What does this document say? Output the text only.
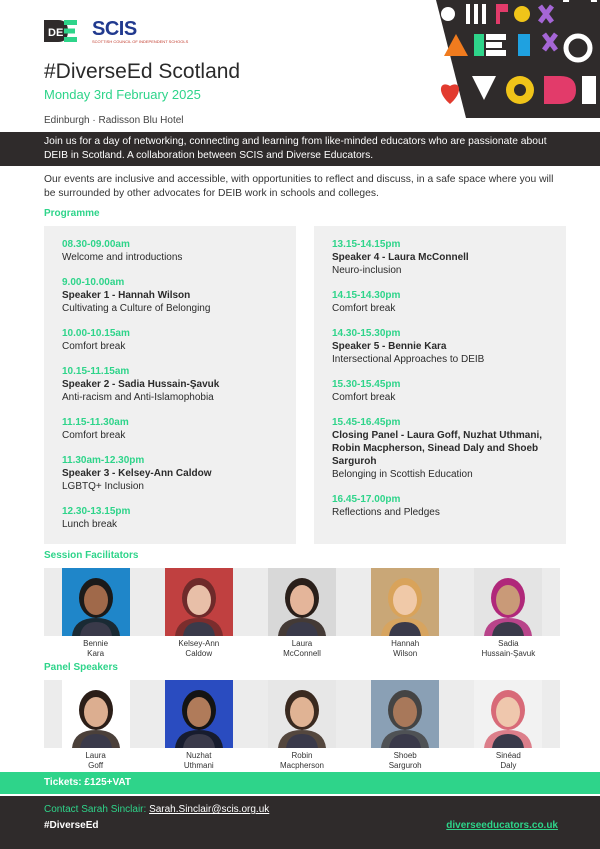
DE SCIS
SCOTTISH COUNCIL OF INDEPENDENT SCHOOLS
#DiverseEd Scotland
Monday 3rd February 2025
Edinburgh · Radisson Blu Hotel
Join us for a day of networking, connecting and learning from like-minded educators who are passionate about DEIB in Scotland. A collaboration between SCIS and Diverse Educators.

Our events are inclusive and accessible, with opportunities to reflect and discuss, in a safe space where you will be surrounded by other advocates for DEIB work in schools and colleges.

Programme
08.30-09.00am
Welcome and introductions
9.00-10.00am
Speaker 1 - Hannah Wilson
Cultivating a Culture of Belonging
10.00-10.15am
Comfort break
10.15-11.15am
Speaker 2 - Sadia Hussain-Şavuk
Anti-racism and Anti-Islamophobia
11.15-11.30am
Comfort break
11.30am-12.30pm
Speaker 3 - Kelsey-Ann Caldow
LGBTQ+ Inclusion
12.30-13.15pm
Lunch break
13.15-14.15pm
Speaker 4 - Laura McConnell
Neuro-inclusion
14.15-14.30pm
Comfort break
14.30-15.30pm
Speaker 5 - Bennie Kara
Intersectional Approaches to DEIB
15.30-15.45pm
Comfort break
15.45-16.45pm
Closing Panel - Laura Goff, Nuzhat Uthmani, Robin Macpherson, Sinead Daly and Shoeb Sarguroh
Belonging in Scottish Education
16.45-17.00pm
Reflections and Pledges
Session Facilitators
Bennie
Kara
Kelsey-Ann
Caldow
Laura
McConnell
Hannah
Wilson
Sadia
Hussain-Şavuk
Panel Speakers
Laura
Goff
Nuzhat
Uthmani
Robin
Macpherson
Shoeb
Sarguroh
Sinéad
Daly
Tickets: £125+VAT
Contact Sarah Sinclair: Sarah.Sinclair@scis.org.uk
#DiverseEd	diverseeducators.co.uk
